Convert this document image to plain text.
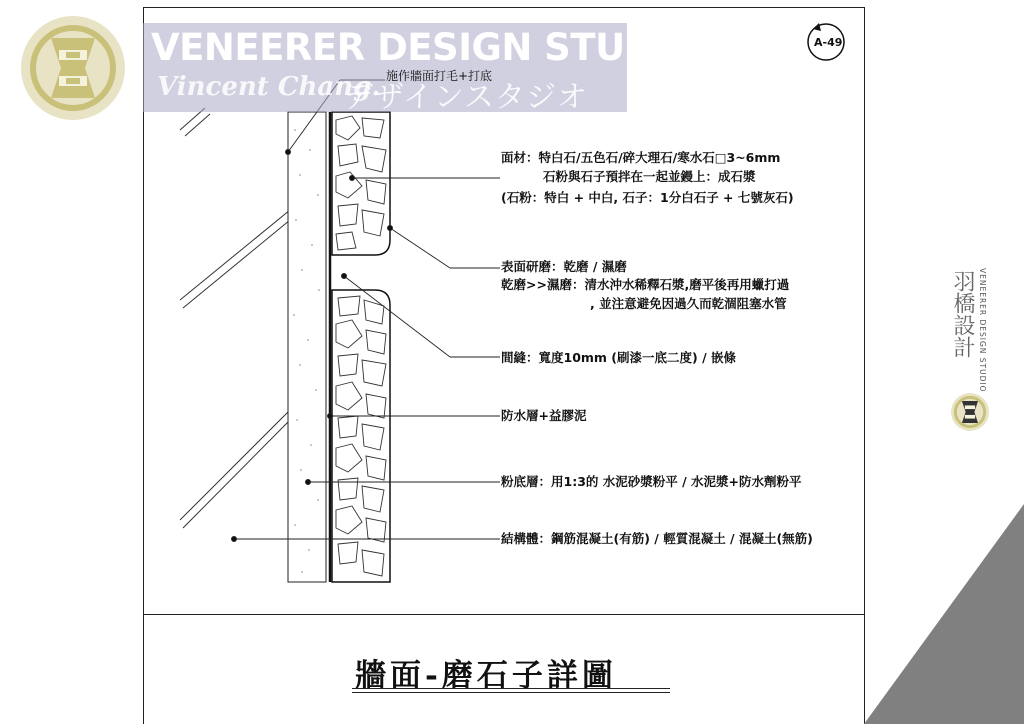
VENEERER DESIGN STUDIO.
Vincent Chang.
デザインスタジオ
A-49
施作牆面打毛+打底
面材：特白石/五色石/碎大理石/寒水石□3~6mm
石粉與石子預拌在一起並鏝上：成石漿
(石粉：特白 + 中白, 石子：1分白石子 + 七號灰石)
表面研磨：乾磨 / 濕磨
乾磨>>濕磨：清水沖水稀釋石漿,磨平後再用蠟打過
, 並注意避免因過久而乾涸阻塞水管
間縫：寬度10mm (刷漆一底二度) / 嵌條
防水層+益膠泥
粉底層：用1:3的 水泥砂漿粉平 / 水泥漿+防水劑粉平
結構體：鋼筋混凝土(有筋) / 輕質混凝土 / 混凝土(無筋)
牆面-磨石子詳圖
羽橋設計 VENEERER DESIGN STUDIO
